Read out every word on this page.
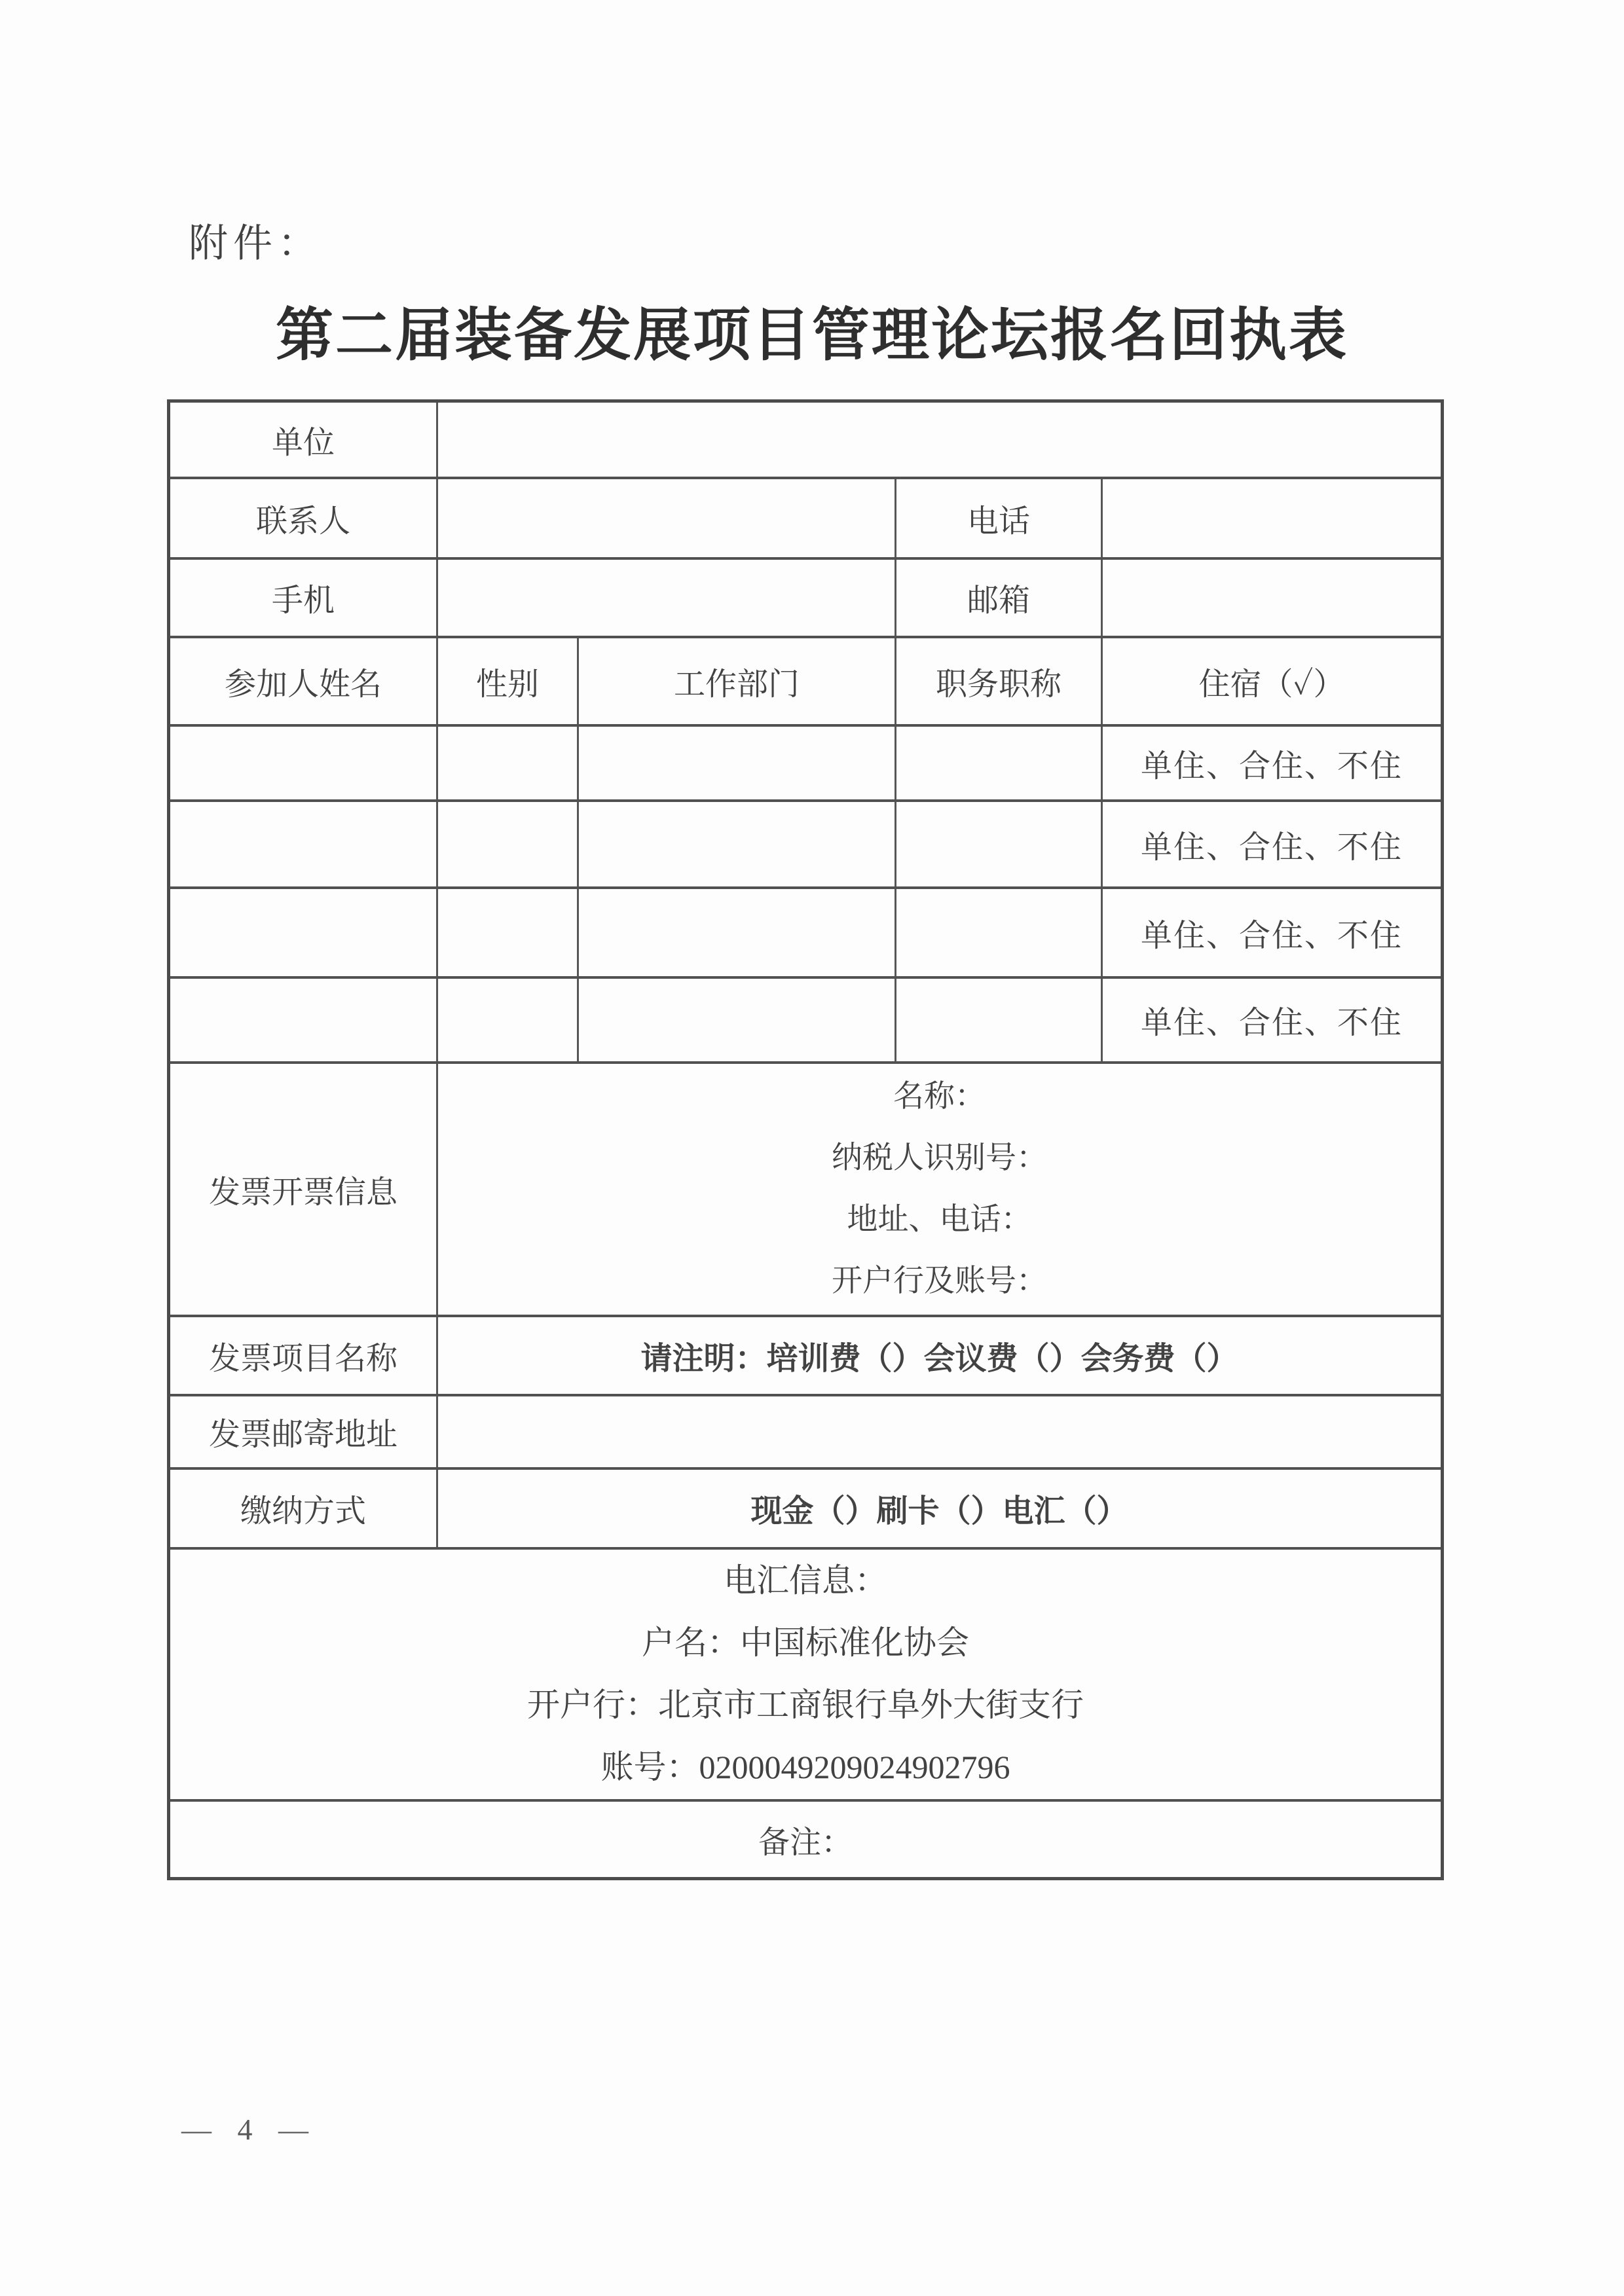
附件：
第二届装备发展项目管理论坛报名回执表
单位				
联系人			电话	
手机			邮箱	
参加人姓名	性别	工作部门	职务职称	住宿（✓）
				单住、合住、不住
				单住、合住、不住
				单住、合住、不住
				单住、合住、不住
发票开票信息	名称：
纳税人识别号：
地址、电话：
开户行及账号：			

发票项目名称	请注明：培训费（）会议费（）会务费（）			
发票邮寄地址				
缴纳方式	现金（）刷卡（）电汇（）			

电汇信息：
户名：中国标准化协会
开户行：北京市工商银行阜外大街支行
账号：0200049209024902796				

备注：				
— 4 —
